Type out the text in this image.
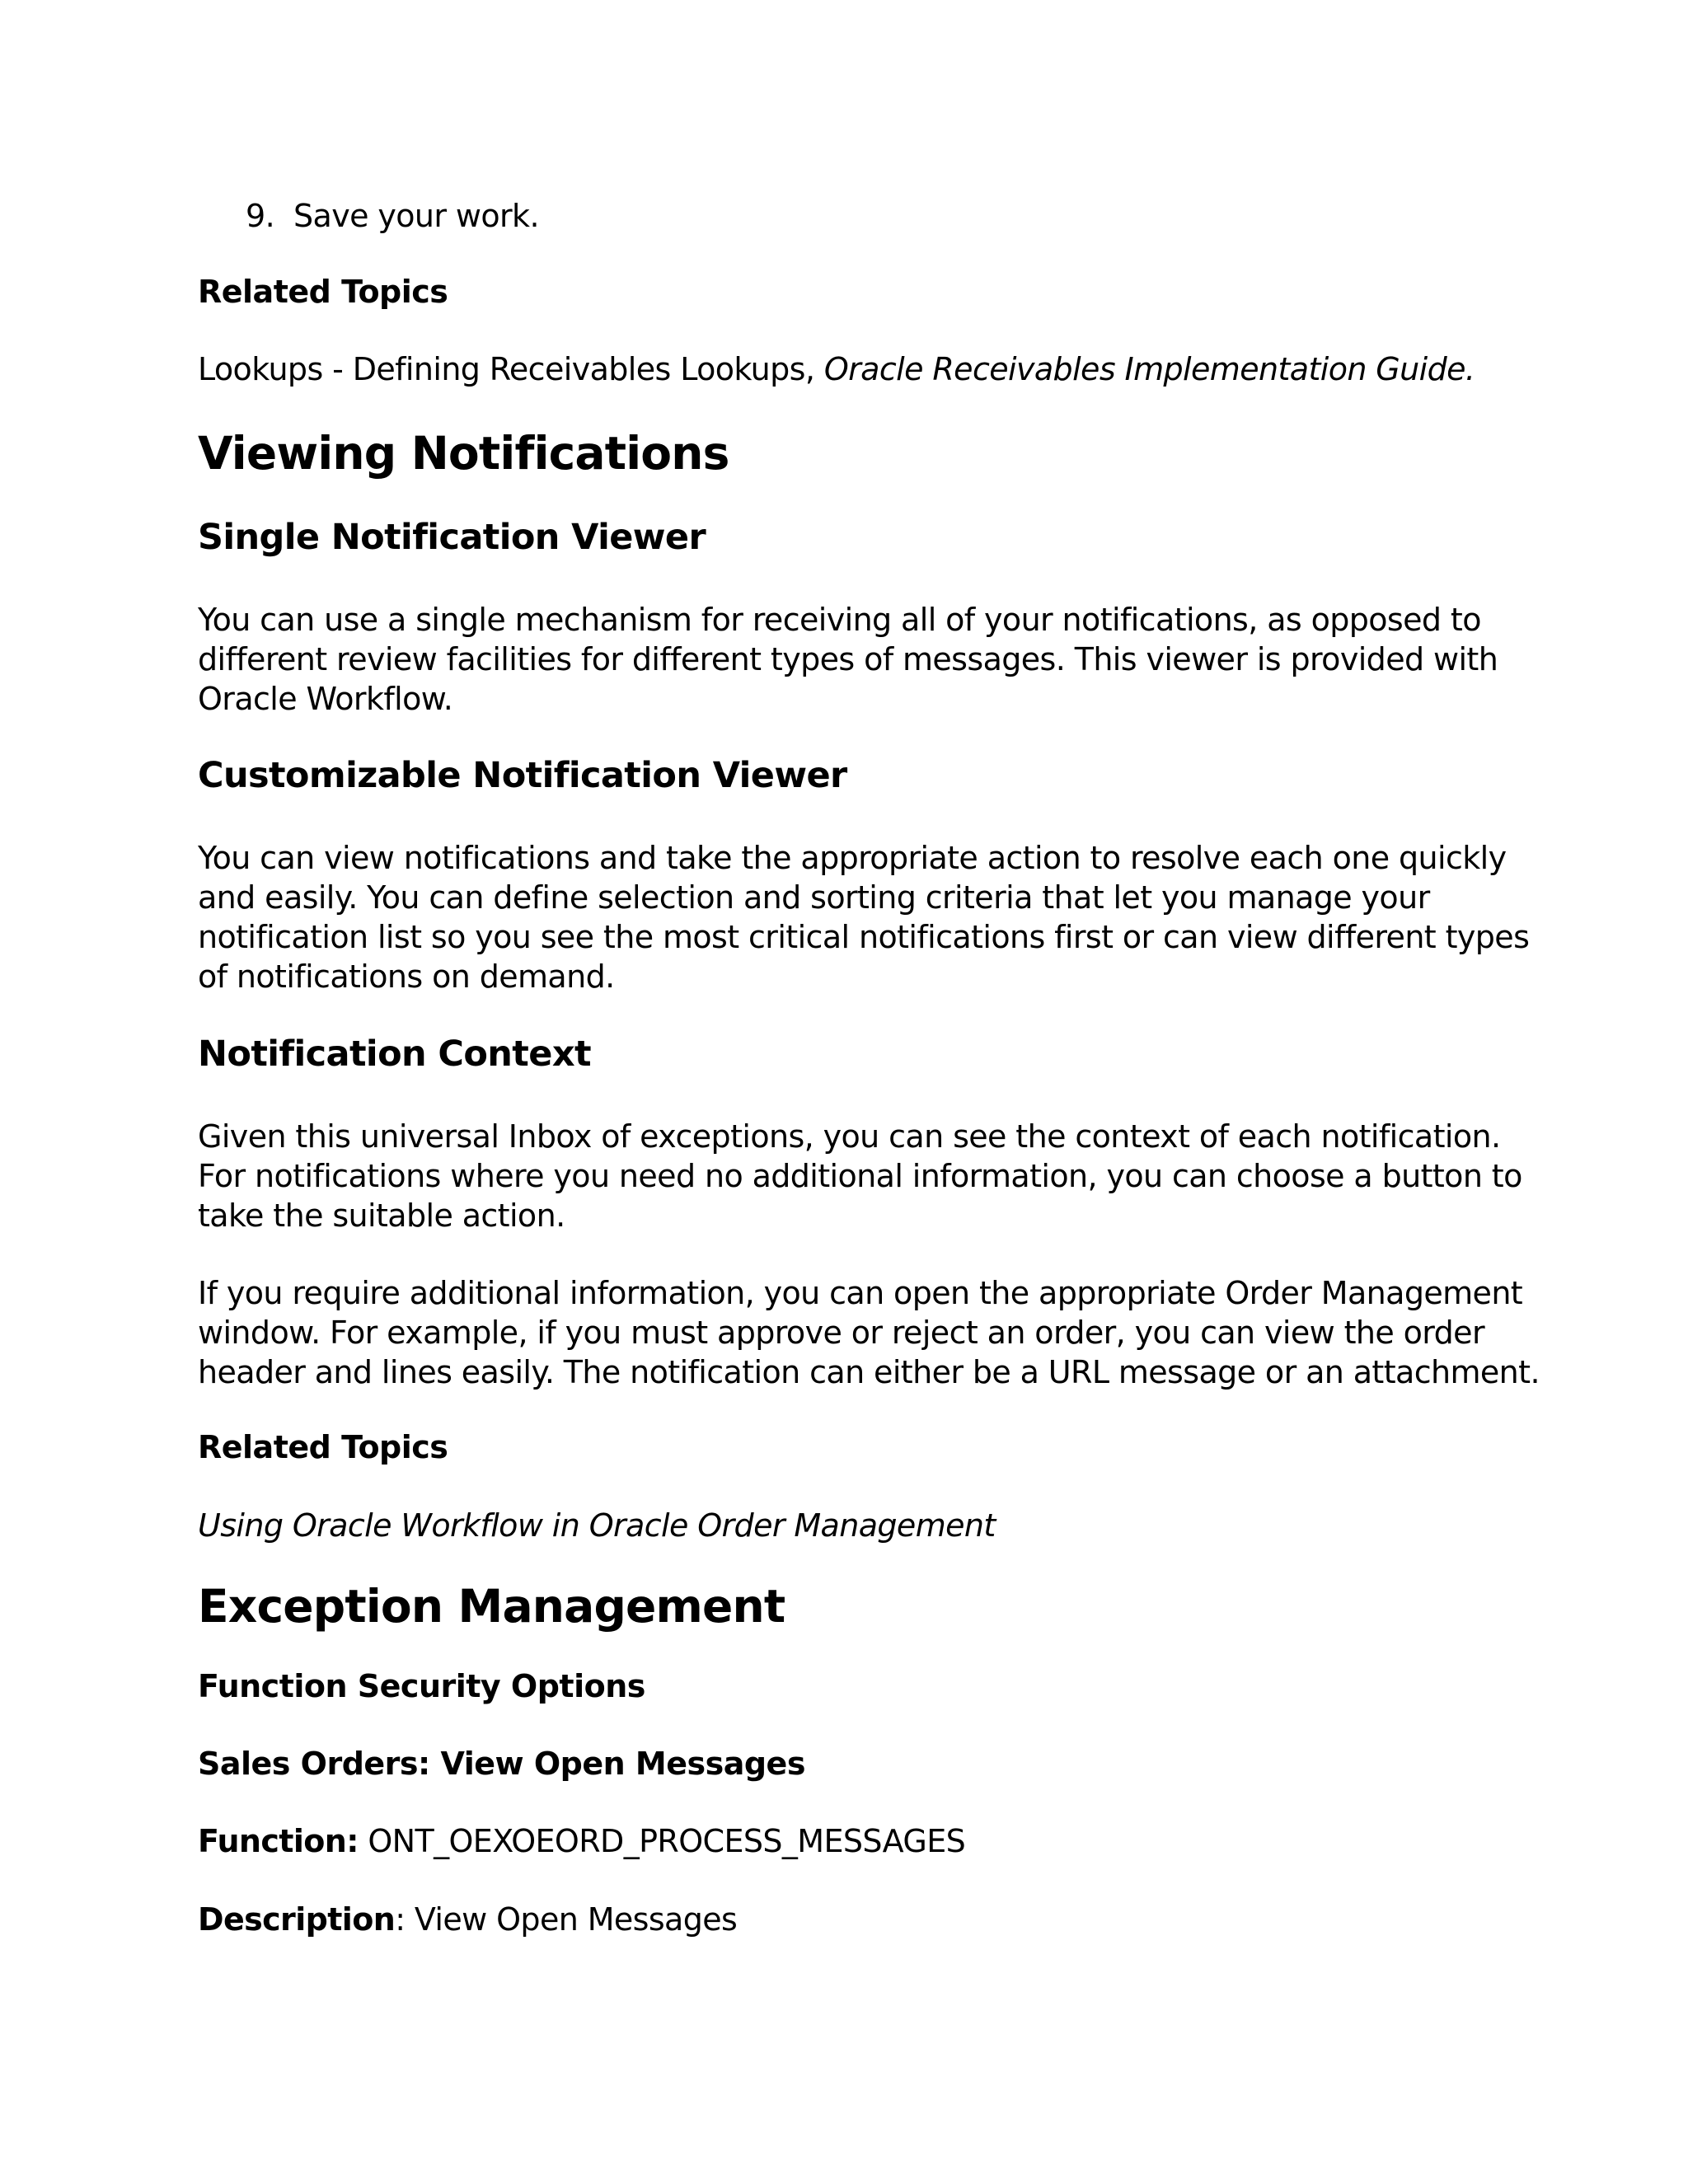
9. Save your work.

Related Topics

Lookups - Defining Receivables Lookups, Oracle Receivables Implementation Guide.

Viewing Notifications
Single Notification Viewer

You can use a single mechanism for receiving all of your notifications, as opposed to
different review facilities for different types of messages. This viewer is provided with
Oracle Workflow.

Customizable Notification Viewer

You can view notifications and take the appropriate action to resolve each one quickly
and easily. You can define selection and sorting criteria that let you manage your
notification list so you see the most critical notifications first or can view different types
of notifications on demand.

Notification Context

Given this universal Inbox of exceptions, you can see the context of each notification.
For notifications where you need no additional information, you can choose a button to
take the suitable action.

If you require additional information, you can open the appropriate Order Management
window. For example, if you must approve or reject an order, you can view the order
header and lines easily. The notification can either be a URL message or an attachment.

Related Topics

Using Oracle Workflow in Oracle Order Management

Exception Management

Function Security Options

Sales Orders: View Open Messages

Function: ONT_OEXOEORD_PROCESS_MESSAGES

Description: View Open Messages
